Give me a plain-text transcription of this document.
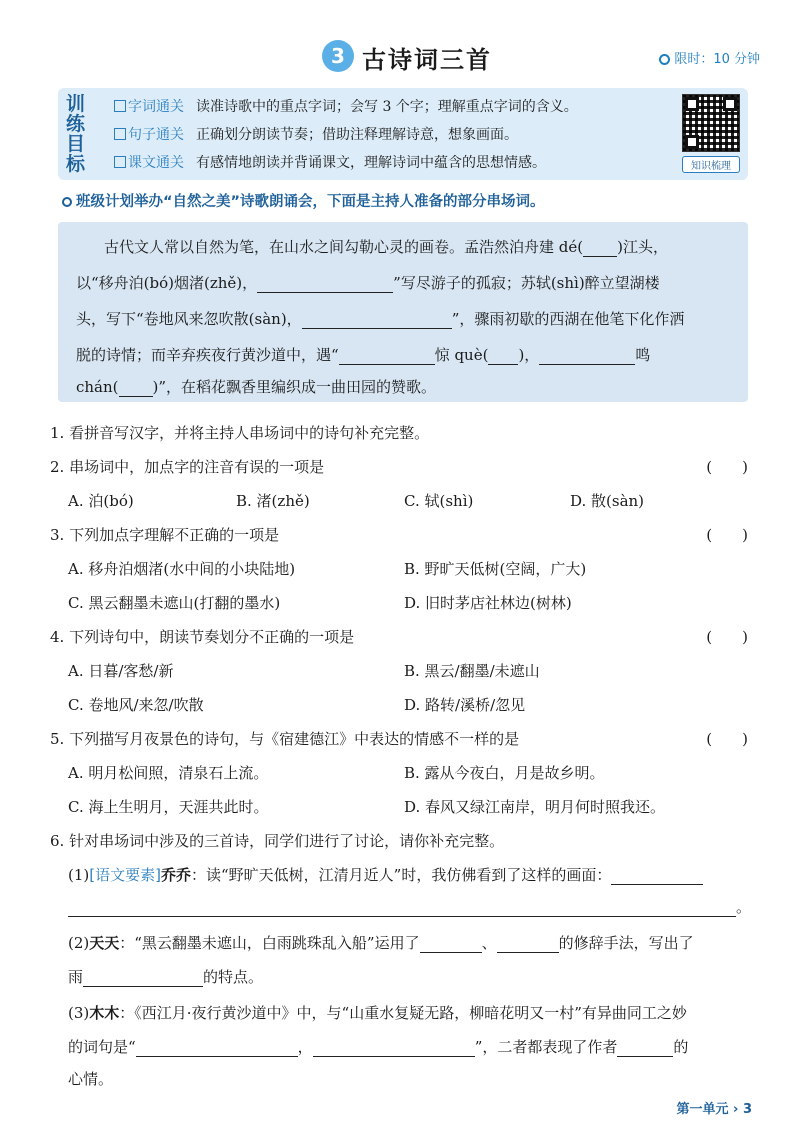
3 古诗词三首	限时：10 分钟
训
练
目
标
字词通关 读准诗歌中的重点字词；会写 3 个字；理解重点字词的含义。
句子通关 正确划分朗读节奏；借助注释理解诗意，想象画面。
课文通关 有感情地朗读并背诵课文，理解诗词中蕴含的思想情感。	知识梳理
班级计划举办“自然之美”诗歌朗诵会，下面是主持人准备的部分串场词。
古代文人常以自然为笔，在山水之间勾勒心灵的画卷。孟浩然泊舟建 dé( )江头，
以“移舟泊(bó)烟渚(zhě)，	”写尽游子的孤寂；苏轼(shì)醉立望湖楼
头，写下“卷地风来忽吹散(sàn)，	”，骤雨初歇的西湖在他笔下化作洒
脱的诗情；而辛弃疾夜行黄沙道中，遇“	惊 què( )，	鸣
chán( )”，在稻花飘香里编织成一曲田园的赞歌。
1. 看拼音写汉字，并将主持人串场词中的诗句补充完整。
2. 串场词中，加点字的注音有误的一项是	(　　)
A. 泊(bó)	B. 渚(zhě)	C. 轼(shì)	D. 散(sàn)
3. 下列加点字理解不正确的一项是	(　　)
A. 移舟泊烟渚(水中间的小块陆地)	B. 野旷天低树(空阔，广大)
C. 黑云翻墨未遮山(打翻的墨水)	D. 旧时茅店社林边(树林)
4. 下列诗句中，朗读节奏划分不正确的一项是	(　　)
A. 日暮/客愁/新	B. 黑云/翻墨/未遮山
C. 卷地风/来忽/吹散	D. 路转/溪桥/忽见
5. 下列描写月夜景色的诗句，与《宿建德江》中表达的情感不一样的是	(　　)
A. 明月松间照，清泉石上流。	B. 露从今夜白，月是故乡明。
C. 海上生明月，天涯共此时。	D. 春风又绿江南岸，明月何时照我还。
6. 针对串场词中涉及的三首诗，同学们进行了讨论，请你补充完整。
(1)[语文要素]乔乔：读“野旷天低树，江清月近人”时，我仿佛看到了这样的画面：
。
(2)天天：“黑云翻墨未遮山，白雨跳珠乱入船”运用了	、	的修辞手法，写出了
雨	的特点。
(3)木木：《西江月·夜行黄沙道中》中，与“山重水复疑无路，柳暗花明又一村”有异曲同工之妙
的词句是“	，	”，二者都表现了作者	的
心情。
第一单元 › 3
